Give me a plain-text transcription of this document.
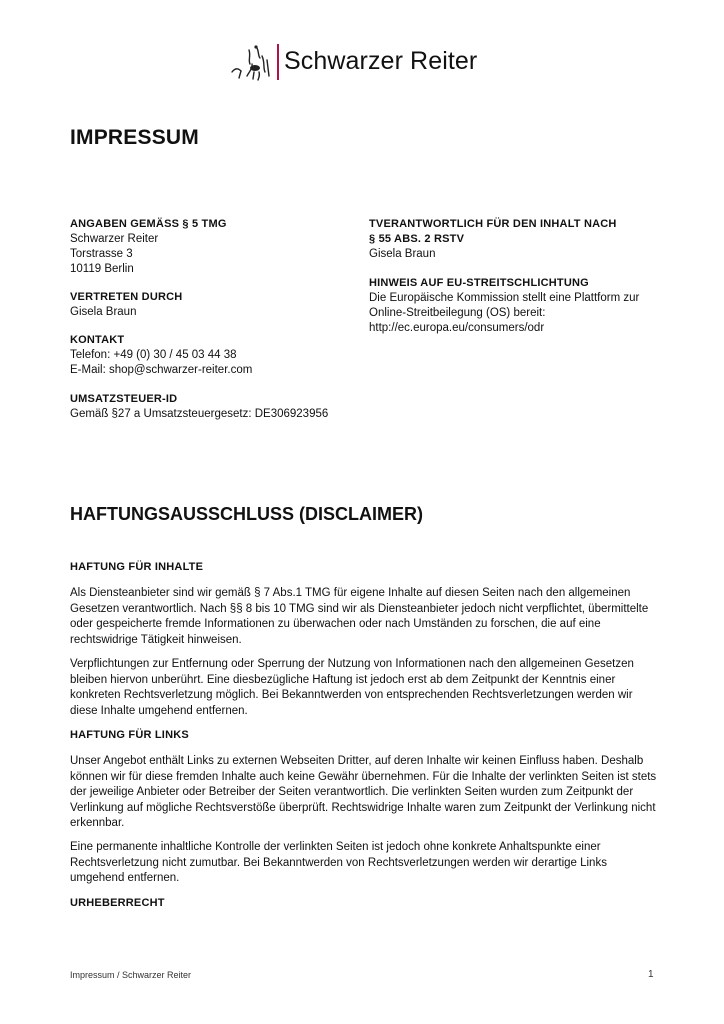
Schwarzer Reiter
IMPRESSUM
ANGABEN GEMÄSS § 5 TMG
Schwarzer Reiter
Torstrasse 3
10119 Berlin
VERTRETEN DURCH
Gisela Braun
KONTAKT
Telefon: +49 (0) 30 / 45 03 44 38
E-Mail: shop@schwarzer-reiter.com
UMSATZSTEUER-ID
Gemäß §27 a Umsatzsteuergesetz: DE306923956
TVERANTWORTLICH FÜR DEN INHALT NACH
§ 55 ABS. 2 RSTV
Gisela Braun
HINWEIS AUF EU-STREITSCHLICHTUNG
Die Europäische Kommission stellt eine Plattform zur
Online-Streitbeilegung (OS) bereit:
http://ec.europa.eu/consumers/odr
HAFTUNGSAUSSCHLUSS (DISCLAIMER)
HAFTUNG FÜR INHALTE
Als Diensteanbieter sind wir gemäß § 7 Abs.1 TMG für eigene Inhalte auf diesen Seiten nach den allgemeinen Gesetzen verantwortlich. Nach §§ 8 bis 10 TMG sind wir als Diensteanbieter jedoch nicht verpflichtet, übermittelte oder gespeicherte fremde Informationen zu überwachen oder nach Umständen zu forschen, die auf eine rechtswidrige Tätigkeit hinweisen.
Verpflichtungen zur Entfernung oder Sperrung der Nutzung von Informationen nach den allgemeinen Gesetzen bleiben hiervon unberührt. Eine diesbezügliche Haftung ist jedoch erst ab dem Zeitpunkt der Kenntnis einer konkreten Rechtsverletzung möglich. Bei Bekanntwerden von entsprechenden Rechtsverletzungen werden wir diese Inhalte umgehend entfernen.
HAFTUNG FÜR LINKS
Unser Angebot enthält Links zu externen Webseiten Dritter, auf deren Inhalte wir keinen Einfluss haben. Deshalb können wir für diese fremden Inhalte auch keine Gewähr übernehmen. Für die Inhalte der verlinkten Seiten ist stets der jeweilige Anbieter oder Betreiber der Seiten verantwortlich. Die verlinkten Seiten wurden zum Zeitpunkt der Verlinkung auf mögliche Rechtsverstöße überprüft. Rechtswidrige Inhalte waren zum Zeitpunkt der Verlinkung nicht erkennbar.
Eine permanente inhaltliche Kontrolle der verlinkten Seiten ist jedoch ohne konkrete Anhaltspunkte einer Rechtsverletzung nicht zumutbar. Bei Bekanntwerden von Rechtsverletzungen werden wir derartige Links umgehend entfernen.
URHEBERRECHT
Impressum / Schwarzer Reiter	1
